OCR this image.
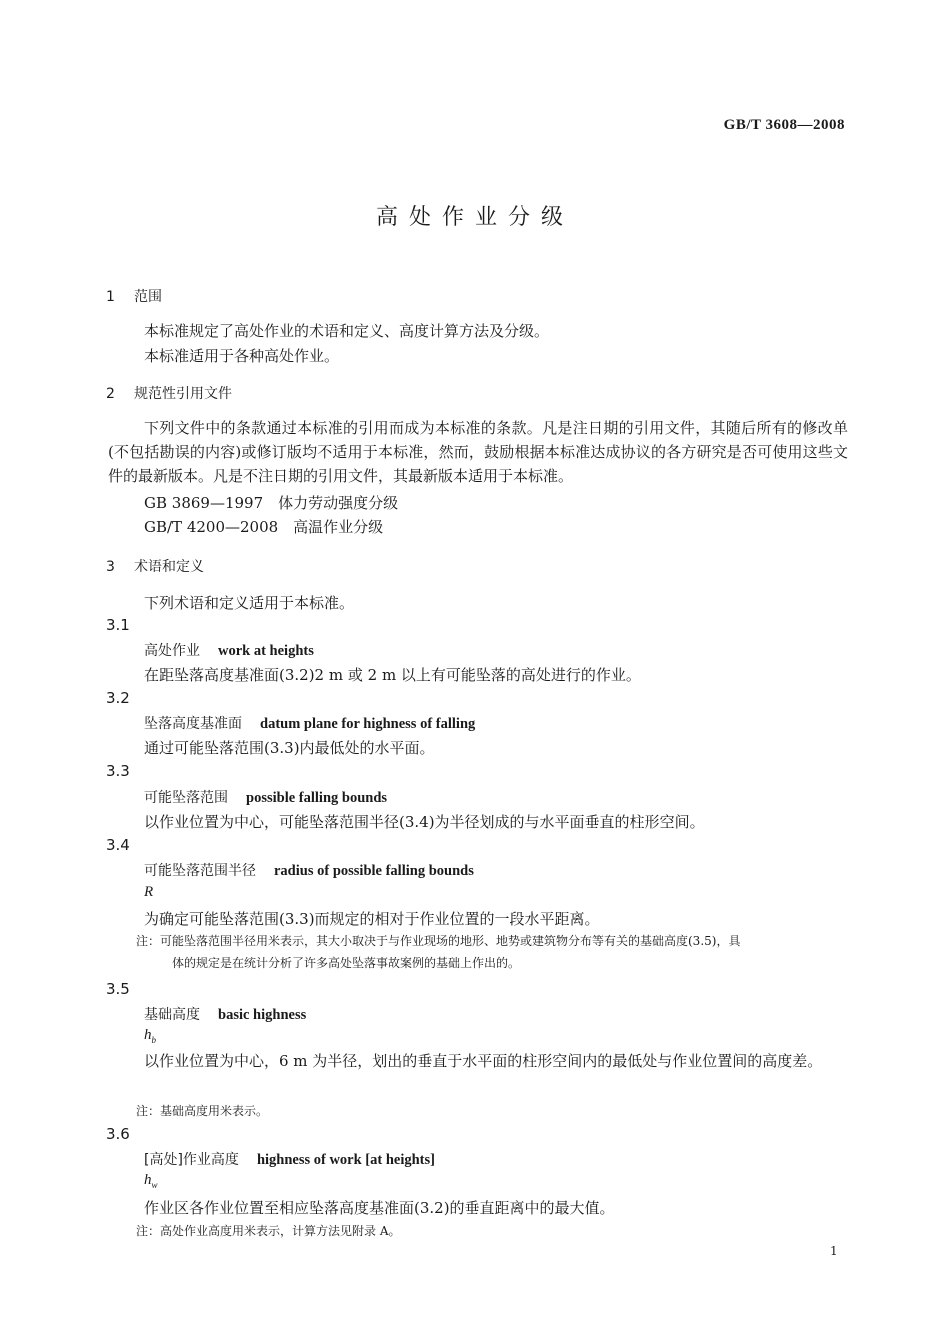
GB/T 3608—2008
高处作业分级
1 范围
本标准规定了高处作业的术语和定义、高度计算方法及分级。
本标准适用于各种高处作业。
2 规范性引用文件
下列文件中的条款通过本标准的引用而成为本标准的条款。凡是注日期的引用文件，其随后所有的修改单(不包括勘误的内容)或修订版均不适用于本标准，然而，鼓励根据本标准达成协议的各方研究是否可使用这些文件的最新版本。凡是不注日期的引用文件，其最新版本适用于本标准。
GB 3869—1997　体力劳动强度分级
GB/T 4200—2008　高温作业分级
3 术语和定义
下列术语和定义适用于本标准。
3.1
高处作业 work at heights
在距坠落高度基准面(3.2)2 m 或 2 m 以上有可能坠落的高处进行的作业。
3.2
坠落高度基准面 datum plane for highness of falling
通过可能坠落范围(3.3)内最低处的水平面。
3.3
可能坠落范围 possible falling bounds
以作业位置为中心，可能坠落范围半径(3.4)为半径划成的与水平面垂直的柱形空间。
3.4
可能坠落范围半径 radius of possible falling bounds
R
为确定可能坠落范围(3.3)而规定的相对于作业位置的一段水平距离。
注：可能坠落范围半径用米表示，其大小取决于与作业现场的地形、地势或建筑物分布等有关的基础高度(3.5)，具
体的规定是在统计分析了许多高处坠落事故案例的基础上作出的。
3.5
基础高度 basic highness
$h_b$
以作业位置为中心，6 m 为半径，划出的垂直于水平面的柱形空间内的最低处与作业位置间的高度差。
注：基础高度用米表示。
3.6
[高处]作业高度 highness of work [at heights]
$h_w$
作业区各作业位置至相应坠落高度基准面(3.2)的垂直距离中的最大值。
注：高处作业高度用米表示，计算方法见附录 A。
1
